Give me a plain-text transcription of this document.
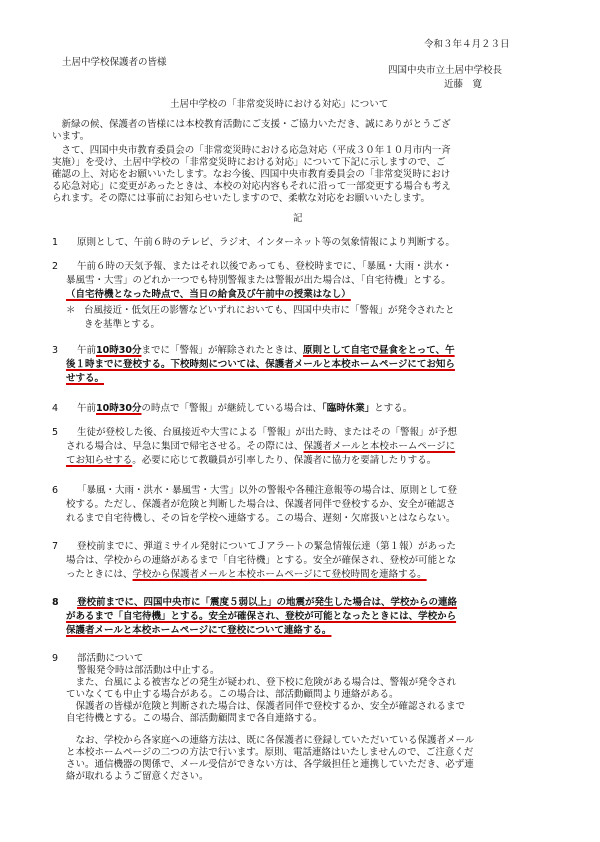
令和３年４月２３日
土居中学校保護者の皆様
四国中央市立土居中学校長
近藤　寛
土居中学校の「非常変災時における対応」について
　新緑の候、保護者の皆様には本校教育活動にご支援・ご協力いただき、誠にありがとうござ
います。
　さて、四国中央市教育委員会の「非常変災時における応急対応（平成３０年１０月市内一斉
実施）」を受け、土居中学校の「非常変災時における対応」について下記に示しますので、ご
確認の上、対応をお願いいたします。なお今後、四国中央市教育委員会の「非常変災時におけ
る応急対応」に変更があったときは、本校の対応内容もそれに沿って一部変更する場合も考え
られます。その際には事前にお知らせいたしますので、柔軟な対応をお願いいたします。
記
1	原則として、午前６時のテレビ、ラジオ、インターネット等の気象情報により判断する。
2	午前６時の天気予報、またはそれ以後であっても、登校時までに、「暴風・大雨・洪水・
暴風雪・大雪」のどれか一つでも特別警報または警報が出た場合は、「自宅待機」とする。
（自宅待機となった時点で、当日の給食及び午前中の授業はなし）
＊ 台風接近・低気圧の影響などいずれにおいても、四国中央市に「警報」が発令されたと
きを基準とする。
3	午前10時30分までに「警報」が解除されたときは、原則として自宅で昼食をとって、午
後１時までに登校する。下校時刻については、保護者メールと本校ホームページにてお知ら
せする。
4	午前10時30分の時点で「警報」が継続している場合は、「臨時休業」とする。
5	生徒が登校した後、台風接近や大雪による「警報」が出た時、またはその「警報」が予想
される場合は、早急に集団で帰宅させる。その際には、保護者メールと本校ホームページに
てお知らせする。必要に応じて教職員が引率したり、保護者に協力を要請したりする。
6	「暴風・大雨・洪水・暴風雪・大雪」以外の警報や各種注意報等の場合は、原則として登
校する。ただし、保護者が危険と判断した場合は、保護者同伴で登校するか、安全が確認さ
れるまで自宅待機し、その旨を学校へ連絡する。この場合、遅刻・欠席扱いとはならない。
7	登校前までに、弾道ミサイル発射についてＪアラートの緊急情報伝達（第１報）があった
場合は、学校からの連絡があるまで「自宅待機」とする。安全が確保され、登校が可能とな
ったときには、学校から保護者メールと本校ホームページにて登校時間を連絡する。
8	登校前までに、四国中央市に「震度５弱以上」の地震が発生した場合は、学校からの連絡
があるまで「自宅待機」とする。安全が確保され、登校が可能となったときには、学校から
保護者メールと本校ホームページにて登校について連絡する。
9	部活動について
警報発令時は部活動は中止する。
　また、台風による被害などの発生が疑われ、登下校に危険がある場合は、警報が発令され
ていなくても中止する場合がある。この場合は、部活動顧問より連絡がある。
　保護者の皆様が危険と判断された場合は、保護者同伴で登校するか、安全が確認されるまで
自宅待機とする。この場合、部活動顧問まで各自連絡する。
　なお、学校から各家庭への連絡方法は、既に各保護者に登録していただいている保護者メール
と本校ホームページの二つの方法で行います。原則、電話連絡はいたしませんので、ご注意くだ
さい。通信機器の関係で、メール受信ができない方は、各学級担任と連携していただき、必ず連
絡が取れるようご留意ください。
